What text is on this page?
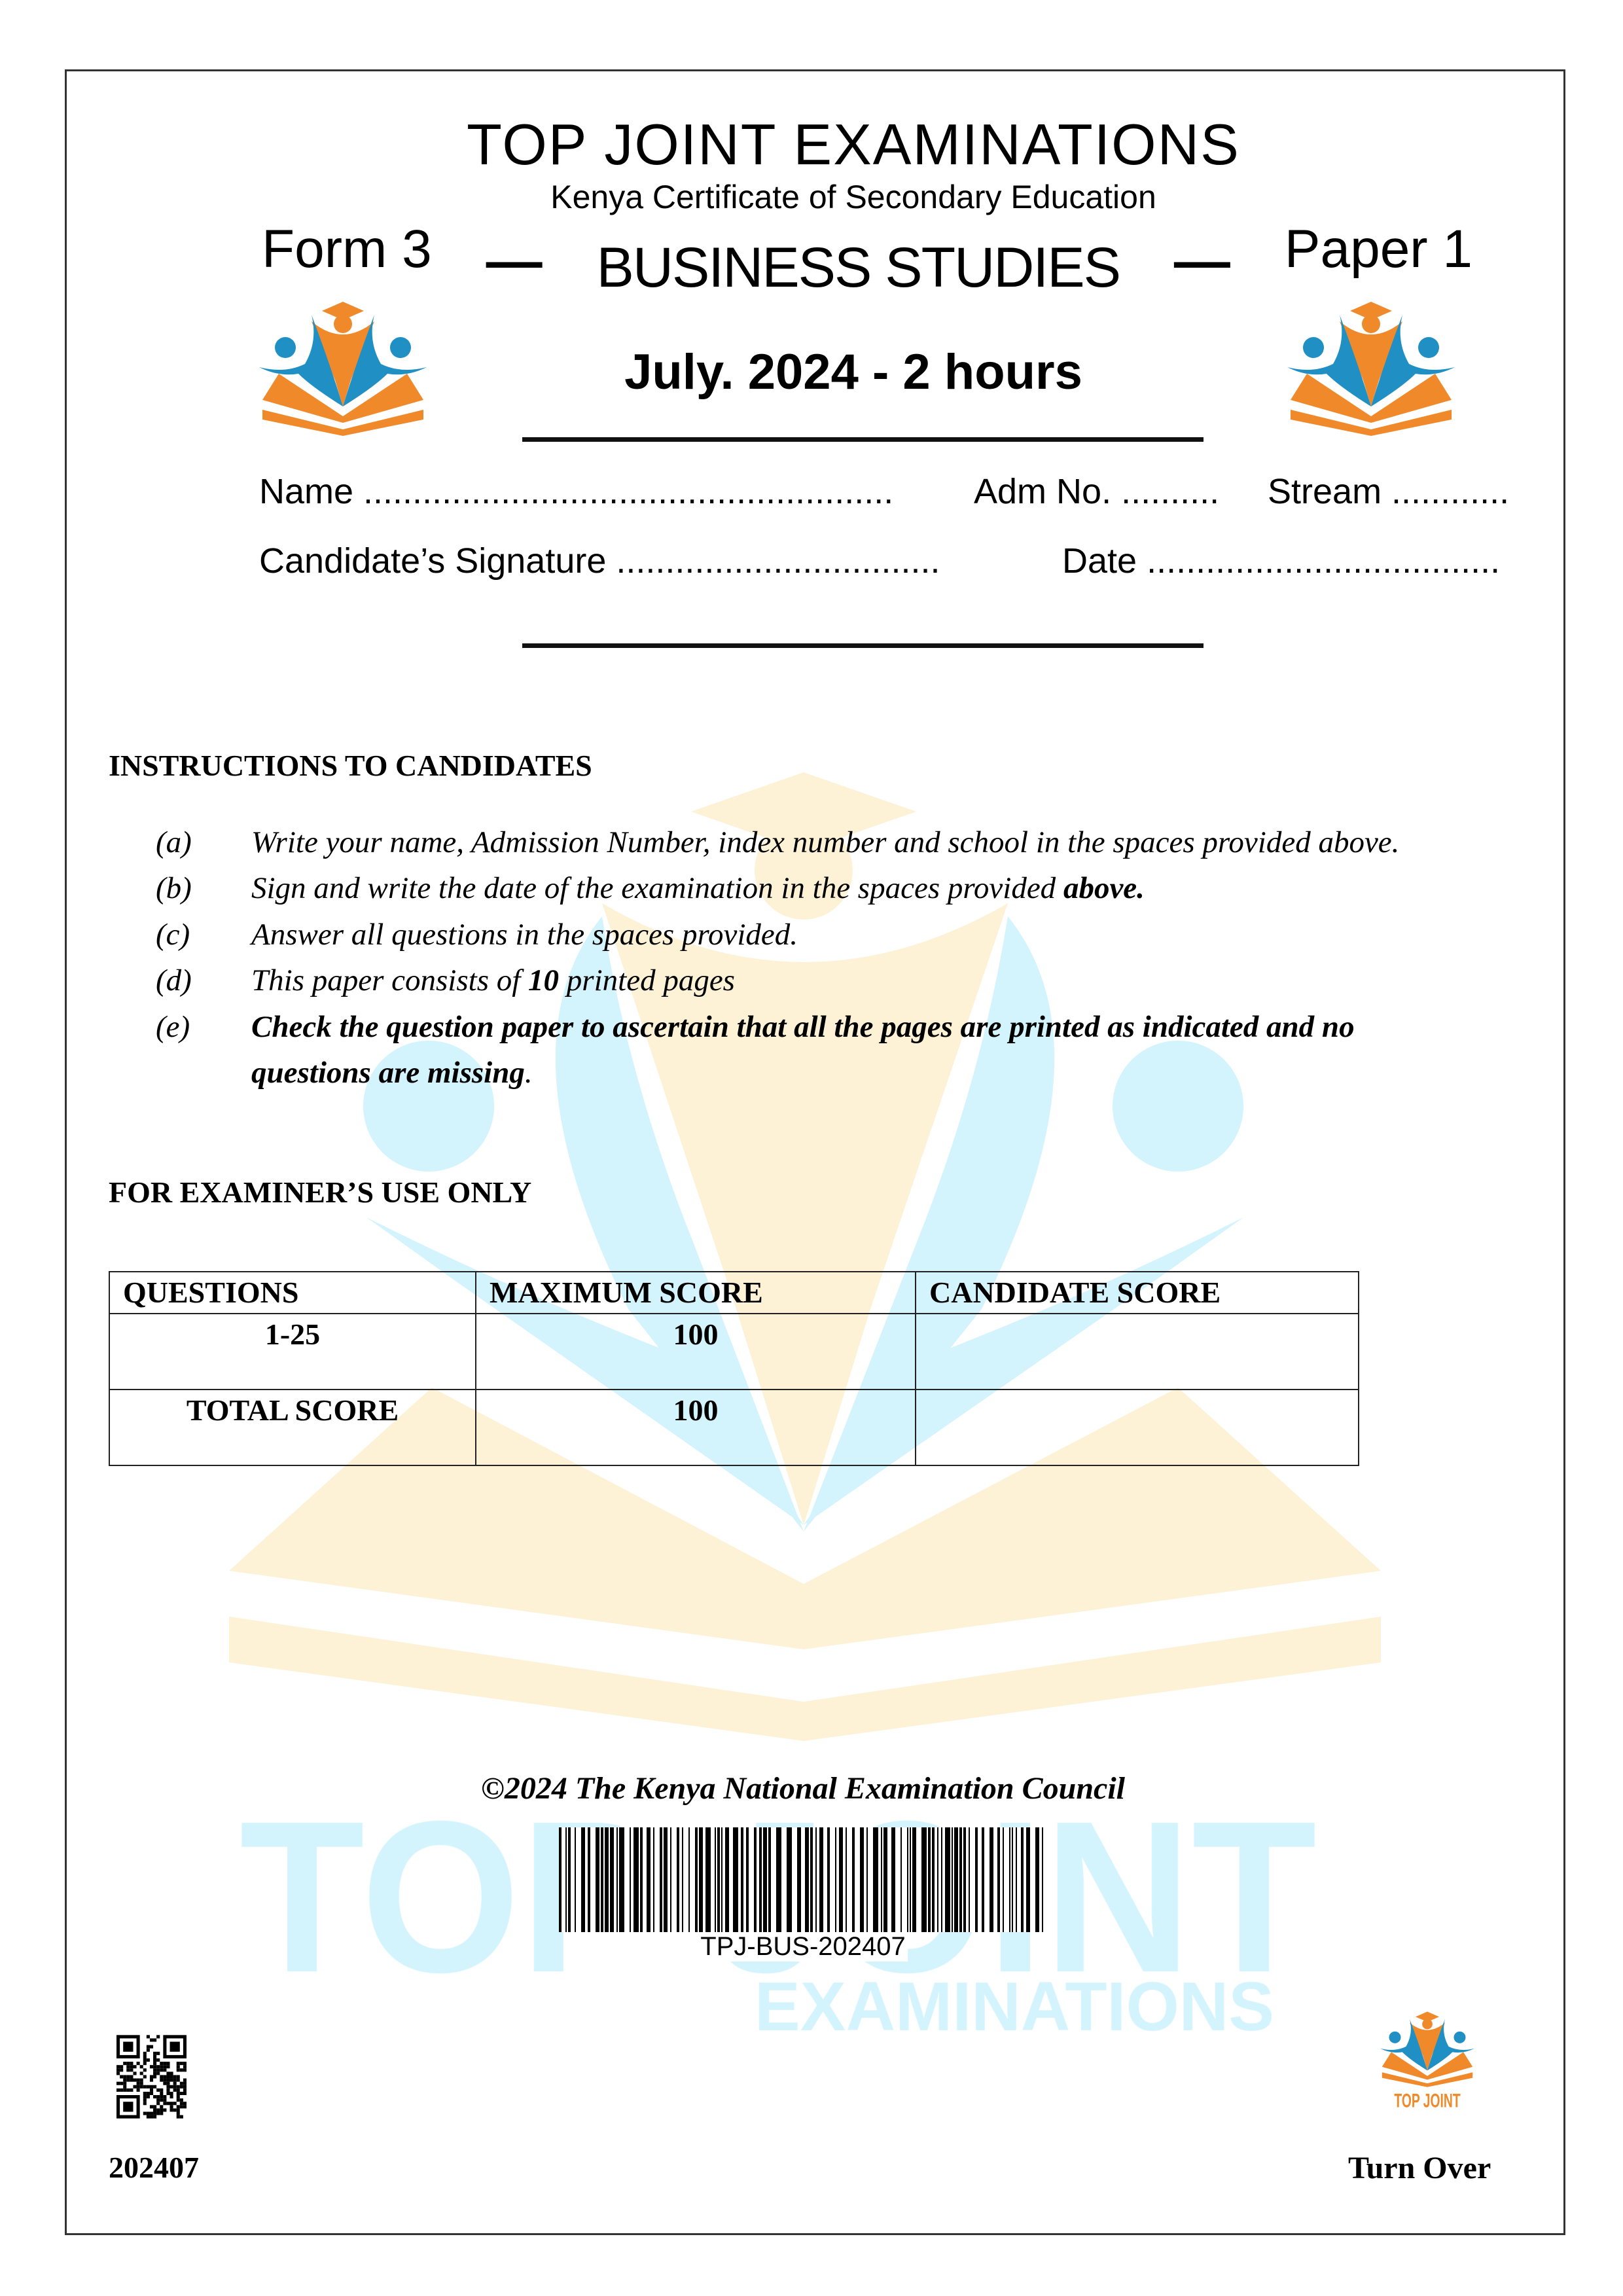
TOP JOINT EXAMINATIONS
Kenya Certificate of Secondary Education
Form 3 — BUSINESS STUDIES — Paper 1
July. 2024 - 2 hours
Name ...................................................... Adm No. .......... Stream ............
Candidate’s Signature .................................	Date ....................................
INSTRUCTIONS TO CANDIDATES
(a) Write your name, Admission Number, index number and school in the spaces provided above.
(b) Sign and write the date of the examination in the spaces provided above.
(c) Answer all questions in the spaces provided.
(d) This paper consists of 10 printed pages
(e) Check the question paper to ascertain that all the pages are printed as indicated and no
questions are missing.
FOR EXAMINER’S USE ONLY
QUESTIONS	MAXIMUM SCORE	CANDIDATE SCORE
1-25	100	
TOTAL SCORE	100	
©2024 The Kenya National Examination Council
TPJ-BUS-202407
202407	Turn Over
TOP JOINT
